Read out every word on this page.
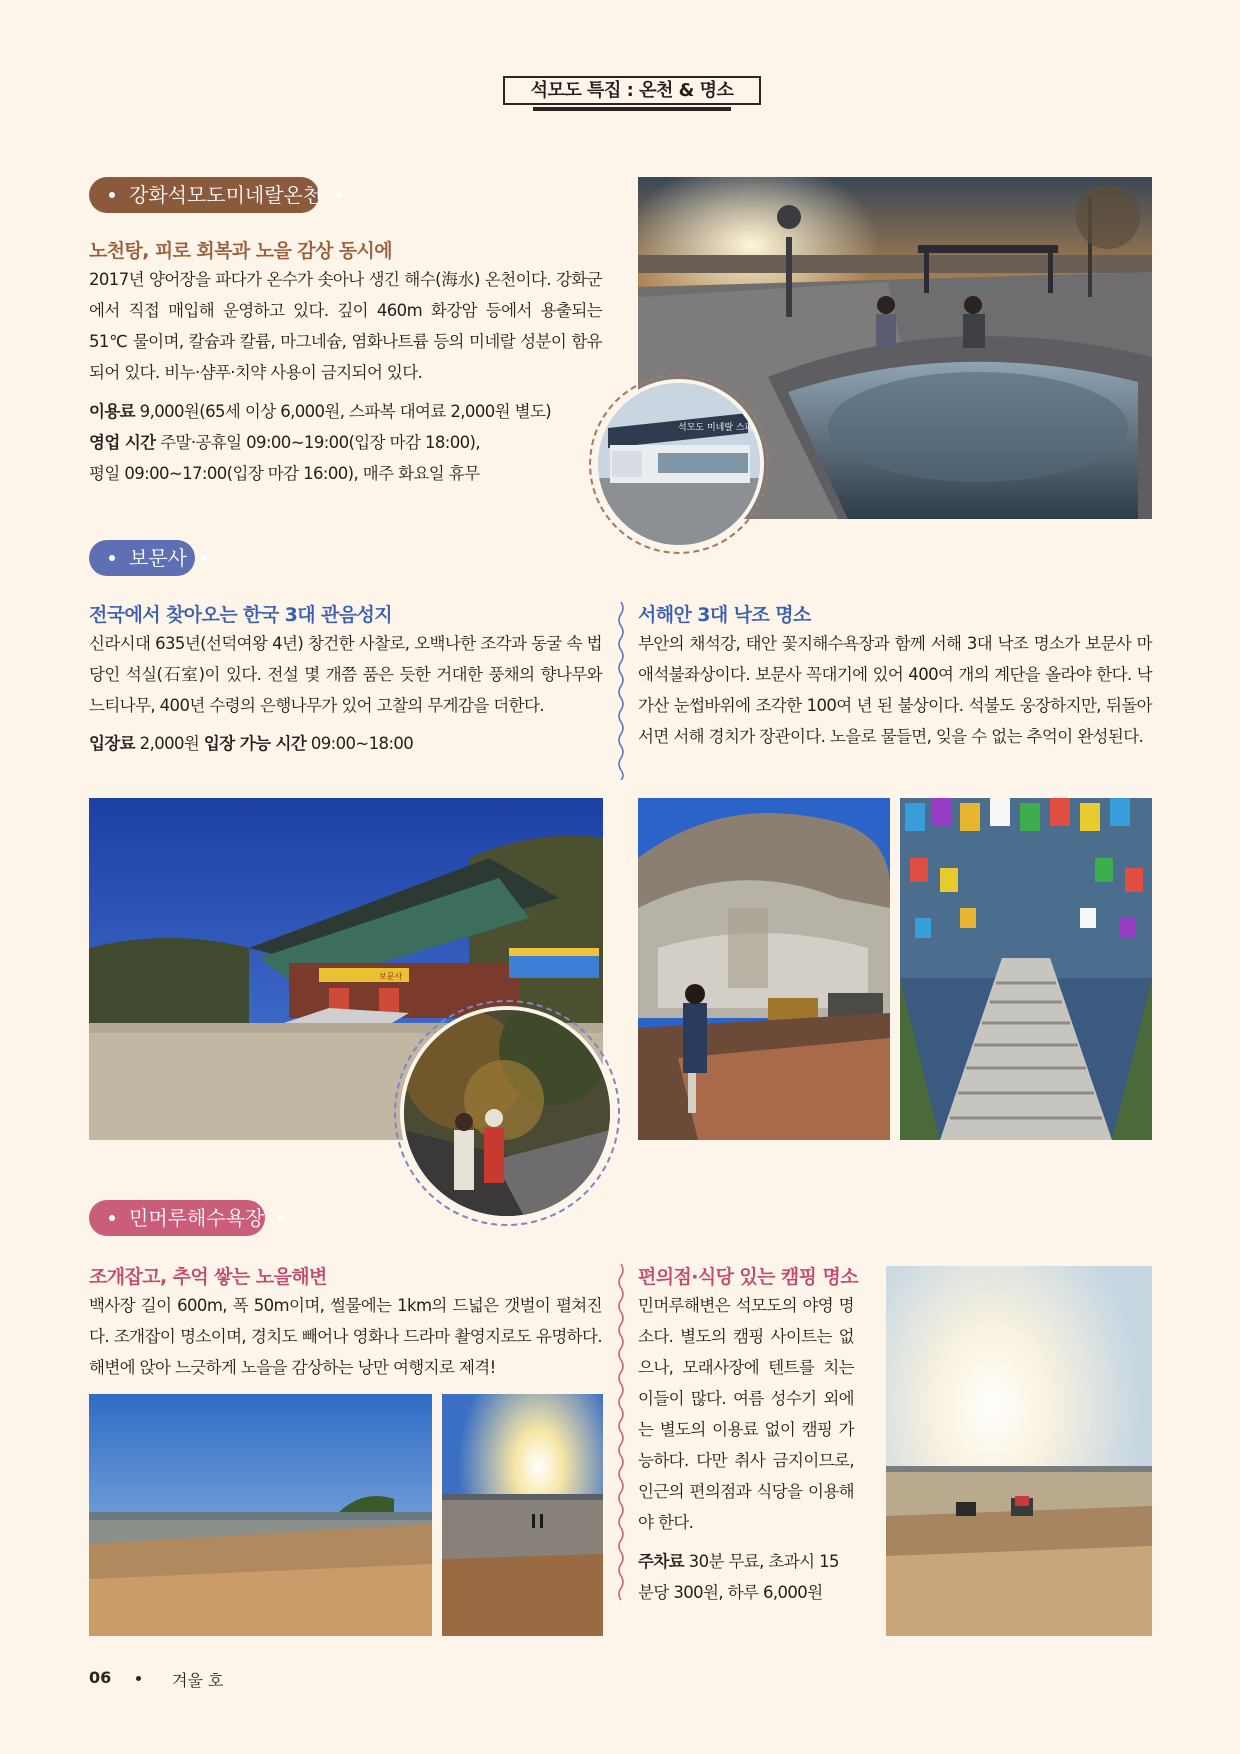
석모도 특집 : 온천 & 명소
강화석모도미네랄온천
노천탕, 피로 회복과 노을 감상 동시에
2017년 양어장을 파다가 온수가 솟아나 생긴 해수(海水) 온천이다. 강화군에서 직접 매입해 운영하고 있다. 깊이 460m 화강암 등에서 용출되는 51℃ 물이며, 칼슘과 칼륨, 마그네슘, 염화나트륨 등의 미네랄 성분이 함유되어 있다. 비누·샴푸·치약 사용이 금지되어 있다.
이용료 9,000원(65세 이상 6,000원, 스파복 대여료 2,000원 별도)
영업 시간 주말·공휴일 09:00~19:00(입장 마감 18:00),
평일 09:00~17:00(입장 마감 16:00), 매주 화요일 휴무
석모도 미네랄 스파
보문사
전국에서 찾아오는 한국 3대 관음성지
신라시대 635년(선덕여왕 4년) 창건한 사찰로, 오백나한 조각과 동굴 속 법당인 석실(石室)이 있다. 전설 몇 개쯤 품은 듯한 거대한 풍채의 향나무와 느티나무, 400년 수령의 은행나무가 있어 고찰의 무게감을 더한다.
입장료 2,000원 입장 가능 시간 09:00~18:00
서해안 3대 낙조 명소
부안의 채석강, 태안 꽃지해수욕장과 함께 서해 3대 낙조 명소가 보문사 마애석불좌상이다. 보문사 꼭대기에 있어 400여 개의 계단을 올라야 한다. 낙가산 눈썹바위에 조각한 100여 년 된 불상이다. 석불도 웅장하지만, 뒤돌아서면 서해 경치가 장관이다. 노을로 물들면, 잊을 수 없는 추억이 완성된다.
보문사
민머루해수욕장
조개잡고, 추억 쌓는 노을해변
백사장 길이 600m, 폭 50m이며, 썰물에는 1km의 드넓은 갯벌이 펼쳐진다. 조개잡이 명소이며, 경치도 빼어나 영화나 드라마 촬영지로도 유명하다. 해변에 앉아 느긋하게 노을을 감상하는 낭만 여행지로 제격!
편의점·식당 있는 캠핑 명소
민머루해변은 석모도의 야영 명소다. 별도의 캠핑 사이트는 없으나, 모래사장에 텐트를 치는 이들이 많다. 여름 성수기 외에는 별도의 이용료 없이 캠핑 가능하다. 다만 취사 금지이므로, 인근의 편의점과 식당을 이용해야 한다.
주차료 30분 무료, 초과시 15분당 300원, 하루 6,000원
06	겨울 호
